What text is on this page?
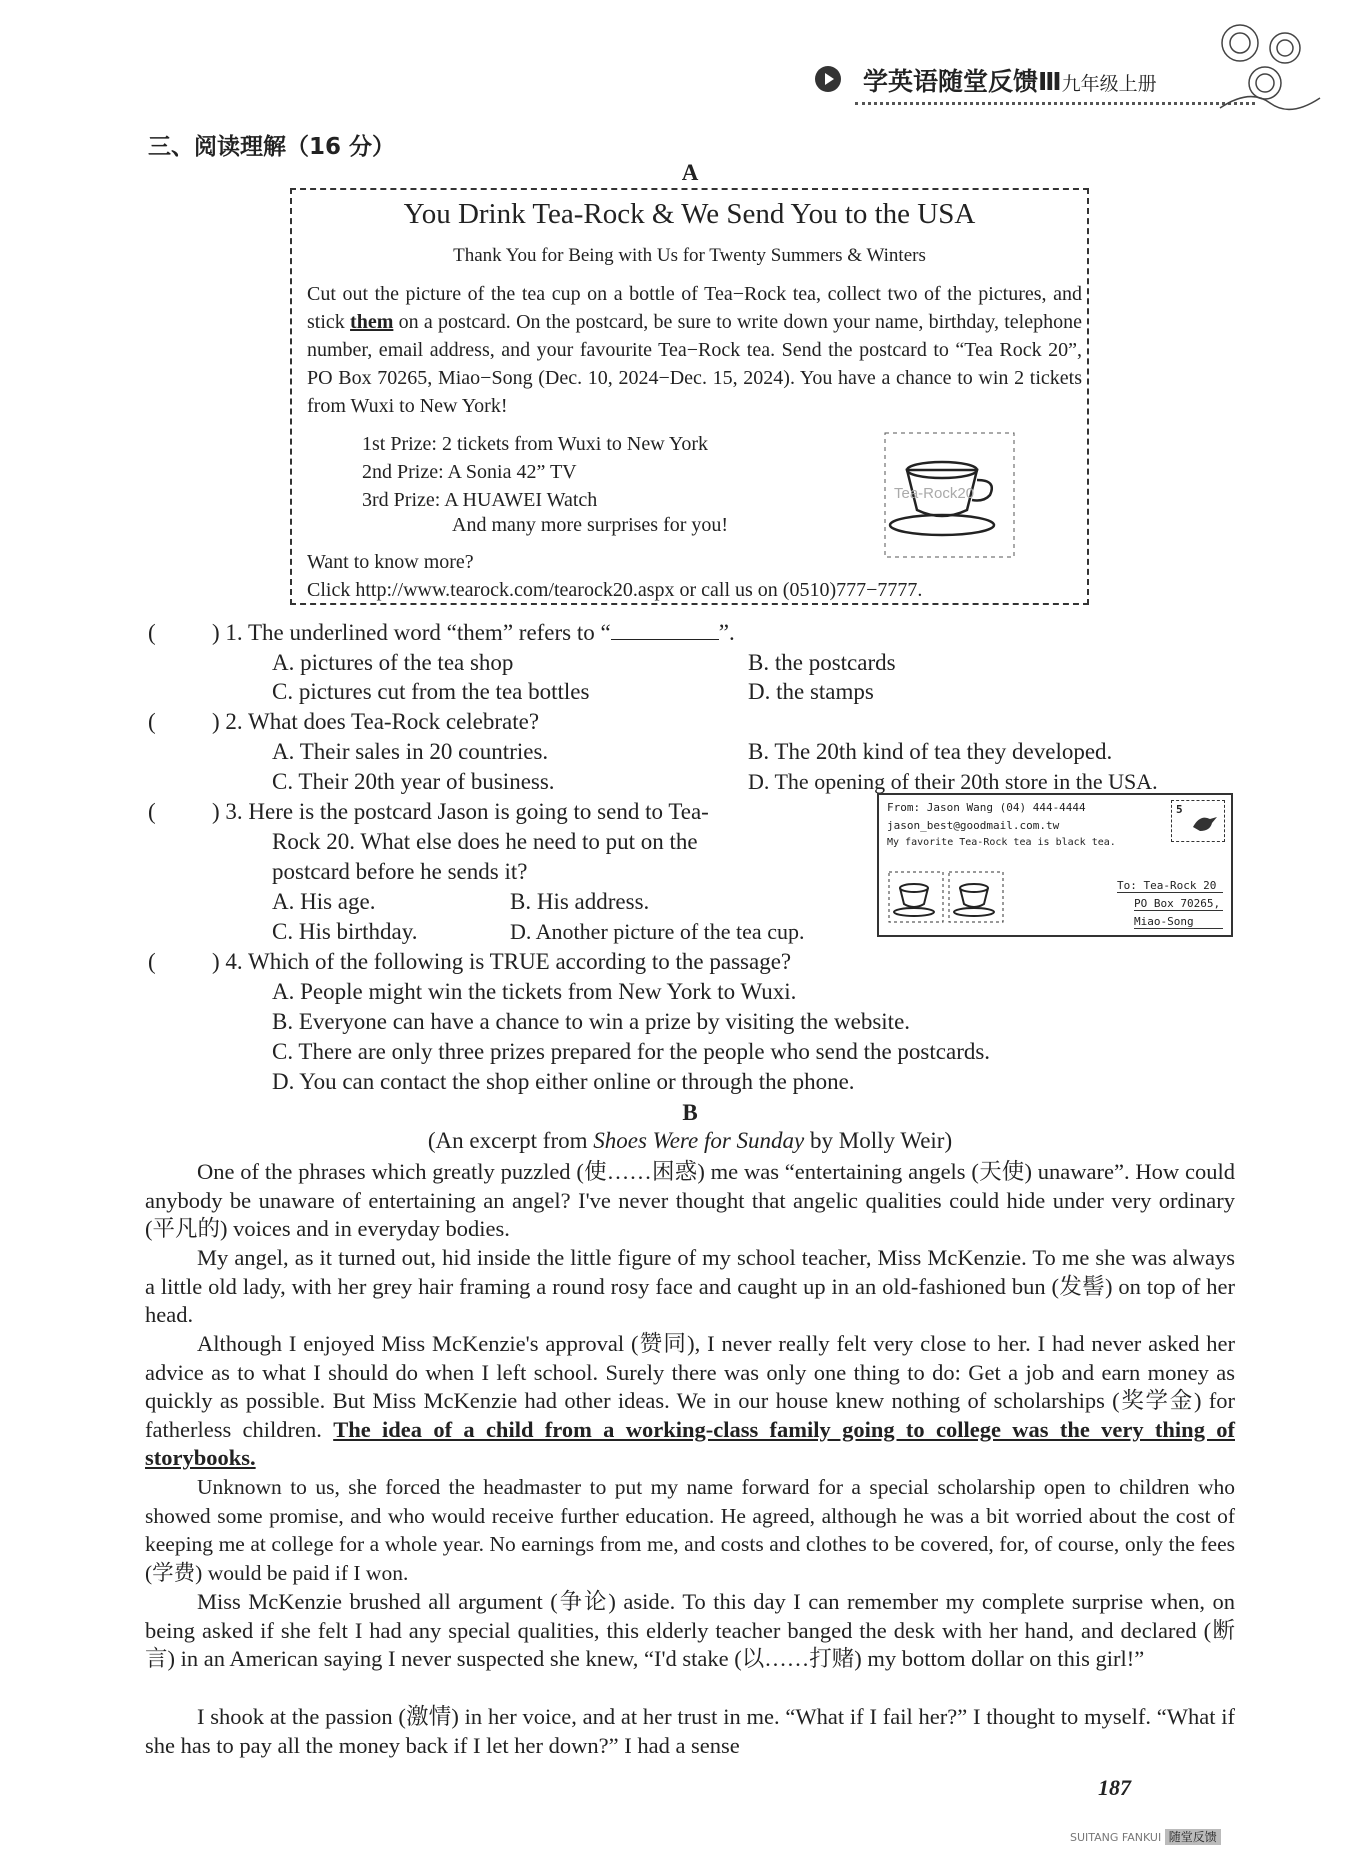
学英语随堂反馈Ⅲ九年级上册
三、阅读理解（16 分）
A
You Drink Tea-Rock & We Send You to the USA
Thank You for Being with Us for Twenty Summers & Winters
Cut out the picture of the tea cup on a bottle of Tea−Rock tea, collect two of the pictures, and stick them on a postcard. On the postcard, be sure to write down your name, birthday, telephone number, email address, and your favourite Tea−Rock tea. Send the postcard to “Tea Rock 20”, PO Box 70265, Miao−Song (Dec. 10, 2024−Dec. 15, 2024). You have a chance to win 2 tickets from Wuxi to New York!
1st Prize: 2 tickets from Wuxi to New York
2nd Prize: A Sonia 42” TV
3rd Prize: A HUAWEI Watch
And many more surprises for you!
Want to know more?
Click http://www.tearock.com/tearock20.aspx or call us on (0510)777−7777.
Tea-Rock20
( ) 1. The underlined word “them” refers to “	”.
A. pictures of the tea shop	B. the postcards
C. pictures cut from the tea bottles	D. the stamps
( ) 2. What does Tea-Rock celebrate?
A. Their sales in 20 countries.	B. The 20th kind of tea they developed.
C. Their 20th year of business.	D. The opening of their 20th store in the USA.
( ) 3. Here is the postcard Jason is going to send to Tea-
Rock 20. What else does he need to put on the
postcard before he sends it?
A. His age.	B. His address.
C. His birthday.	D. Another picture of the tea cup.
From: Jason Wang (04) 444-4444
jason_best@goodmail.com.tw
My favorite Tea-Rock tea is black tea.
5
To: Tea-Rock 20
PO Box 70265,
Miao-Song
( ) 4. Which of the following is TRUE according to the passage?
A. People might win the tickets from New York to Wuxi.
B. Everyone can have a chance to win a prize by visiting the website.
C. There are only three prizes prepared for the people who send the postcards.
D. You can contact the shop either online or through the phone.
B
(An excerpt from Shoes Were for Sunday by Molly Weir)
One of the phrases which greatly puzzled (使……困惑) me was “entertaining angels (天使) unaware”. How could anybody be unaware of entertaining an angel? I've never thought that angelic qualities could hide under very ordinary (平凡的) voices and in everyday bodies.
My angel, as it turned out, hid inside the little figure of my school teacher, Miss McKenzie. To me she was always a little old lady, with her grey hair framing a round rosy face and caught up in an old-fashioned bun (发髻) on top of her head.
Although I enjoyed Miss McKenzie's approval (赞同), I never really felt very close to her. I had never asked her advice as to what I should do when I left school. Surely there was only one thing to do: Get a job and earn money as quickly as possible. But Miss McKenzie had other ideas. We in our house knew nothing of scholarships (奖学金) for fatherless children. The idea of a child from a working-class family going to college was the very thing of storybooks.
Unknown to us, she forced the headmaster to put my name forward for a special scholarship open to children who showed some promise, and who would receive further education. He agreed, although he was a bit worried about the cost of keeping me at college for a whole year. No earnings from me, and costs and clothes to be covered, for, of course, only the fees (学费) would be paid if I won.
Miss McKenzie brushed all argument (争论) aside. To this day I can remember my complete surprise when, on being asked if she felt I had any special qualities, this elderly teacher banged the desk with her hand, and declared (断言) in an American saying I never suspected she knew, “I'd stake (以……打赌) my bottom dollar on this girl!”
I shook at the passion (激情) in her voice, and at her trust in me. “What if I fail her?” I thought to myself. “What if she has to pay all the money back if I let her down?” I had a sense
187
SUITANG FANKUI 随堂反馈
